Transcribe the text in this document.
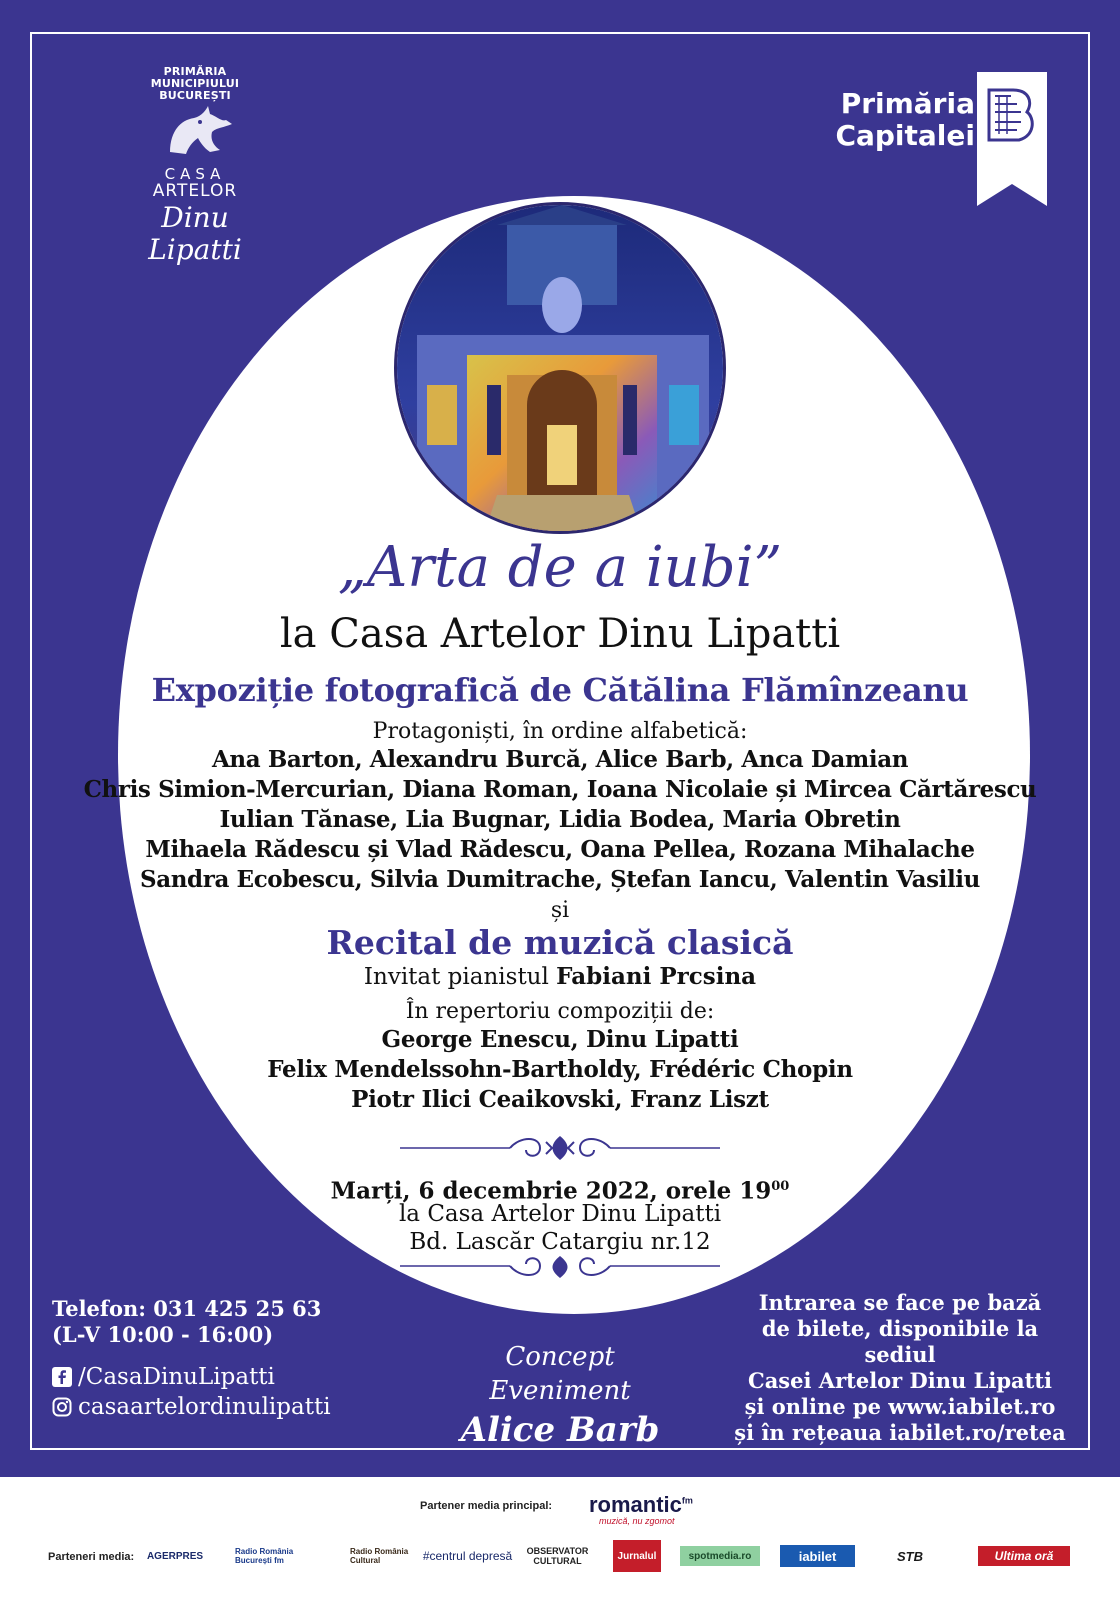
PRIMĂRIA
MUNICIPIULUI
BUCUREȘTI
CASA
ARTELOR
Dinu Lipatti
Primăria
Capitalei
„Arta de a iubi”
la Casa Artelor Dinu Lipatti
Expoziție fotografică de Cătălina Flămînzeanu
Protagoniști, în ordine alfabetică:
Ana Barton, Alexandru Burcă, Alice Barb, Anca Damian
Chris Simion-Mercurian, Diana Roman, Ioana Nicolaie și Mircea Cărtărescu
Iulian Tănase, Lia Bugnar, Lidia Bodea, Maria Obretin
Mihaela Rădescu și Vlad Rădescu, Oana Pellea, Rozana Mihalache
Sandra Ecobescu, Silvia Dumitrache, Ștefan Iancu, Valentin Vasiliu
și
Recital de muzică clasică
Invitat pianistul Fabiani Prcsina
În repertoriu compoziții de:
George Enescu, Dinu Lipatti
Felix Mendelssohn-Bartholdy, Frédéric Chopin
Piotr Ilici Ceaikovski, Franz Liszt
Marți, 6 decembrie 2022, orele $19^{00}$
la Casa Artelor Dinu Lipatti
Bd. Lascăr Catargiu nr.12
Telefon: 031 425 25 63
(L-V 10:00 - 16:00)
/CasaDinuLipatti
casaartelordinulipatti
Concept Eveniment
Alice Barb
Intrarea se face pe bază
de bilete, disponibile la sediul
Casei Artelor Dinu Lipatti
și online pe www.iabilet.ro
și în rețeaua iabilet.ro/retea
Partener media principal: romantic$^{fm}$
muzică, nu zgomot
Parteneri media:	AGERPRES	Radio România București fm
Radio România Cultural	#centrul depresă	OBSERVATOR CULTURAL	Jurnalul	spotmedia.ro	iabilet	STB	Ultima oră
